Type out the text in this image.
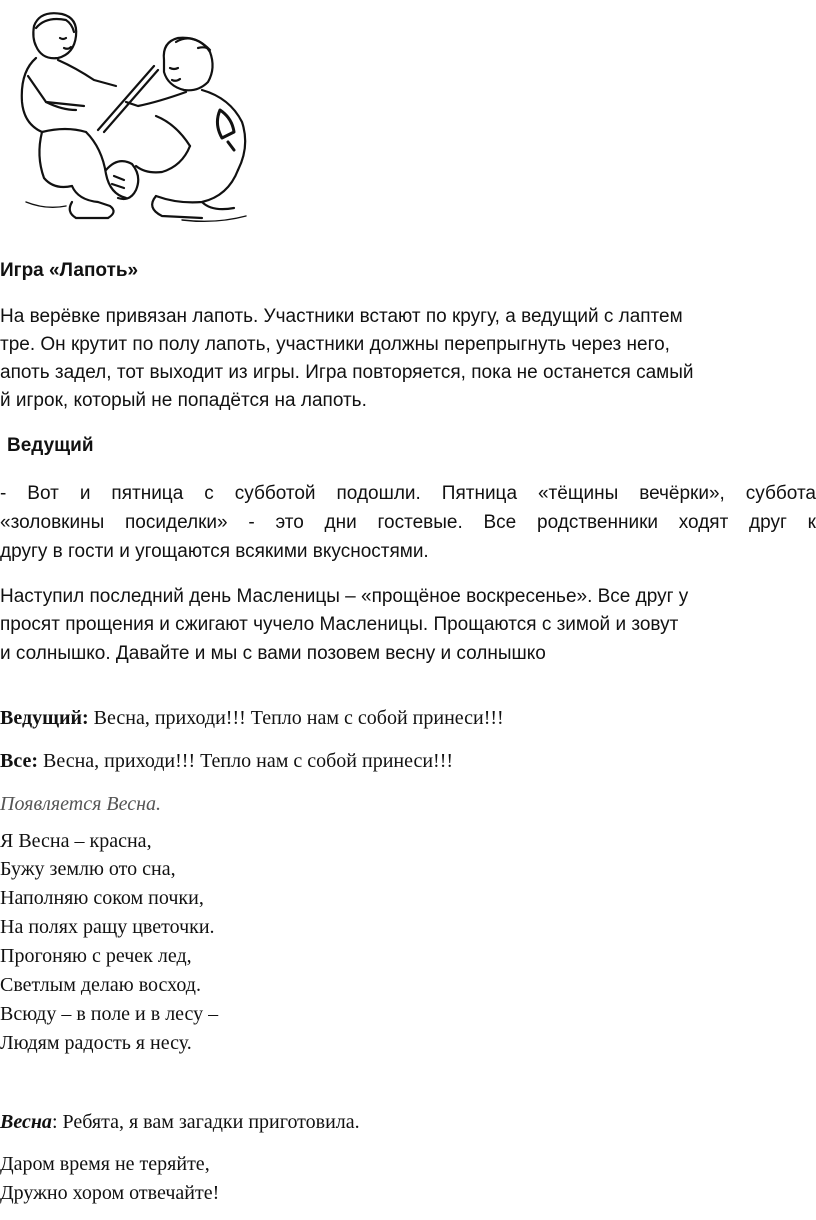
Игра «Лапоть»
На верёвке привязан лапоть. Участники встают по кругу, а ведущий с лаптем
тре. Он крутит по полу лапоть, участники должны перепрыгнуть через него,
апоть задел, тот выходит из игры. Игра повторяется, пока не останется самый
й игрок, который не попадётся на лапоть.
Ведущий
- Вот и пятница с субботой подошли. Пятница «тёщины вечёрки», суббота
«золовкины посиделки» - это дни гостевые. Все родственники ходят друг к
другу в гости и угощаются всякими вкусностями.
Наступил последний день Масленицы – «прощёное воскресенье». Все друг у
просят прощения и сжигают чучело Масленицы. Прощаются с зимой и зовут
и солнышко. Давайте и мы с вами позовем весну и солнышко
Ведущий: Весна, приходи!!! Тепло нам с собой принеси!!!
Все: Весна, приходи!!! Тепло нам с собой принеси!!!
Появляется Весна.
Я Весна – красна,
Бужу землю ото сна,
Наполняю соком почки,
На полях ращу цветочки.
Прогоняю с речек лед,
Светлым делаю восход.
Всюду – в поле и в лесу –
Людям радость я несу.
Весна: Ребята, я вам загадки приготовила.
Даром время не теряйте,
Дружно хором отвечайте!
